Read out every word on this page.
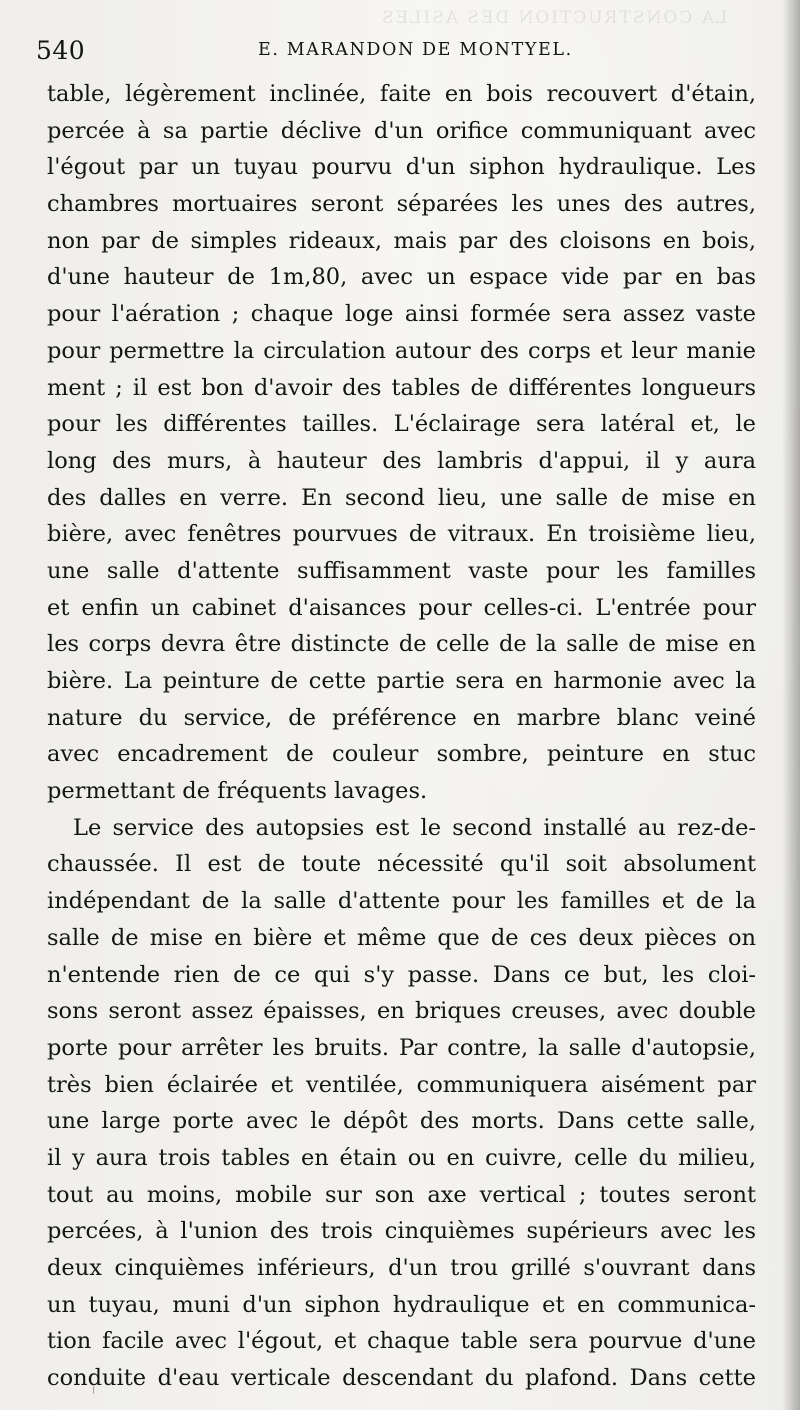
LA CONSTRUCTION DES ASILES
540	E. MARANDON DE MONTYEL.
table, légèrement inclinée, faite en bois recouvert d'étain,
percée à sa partie déclive d'un orifice communiquant avec
l'égout par un tuyau pourvu d'un siphon hydraulique. Les
chambres mortuaires seront séparées les unes des autres,
non par de simples rideaux, mais par des cloisons en bois,
d'une hauteur de 1m,80, avec un espace vide par en bas
pour l'aération ; chaque loge ainsi formée sera assez vaste
pour permettre la circulation autour des corps et leur manie
ment ; il est bon d'avoir des tables de différentes longueurs
pour les différentes tailles. L'éclairage sera latéral et, le
long des murs, à hauteur des lambris d'appui, il y aura
des dalles en verre. En second lieu, une salle de mise en
bière, avec fenêtres pourvues de vitraux. En troisième lieu,
une salle d'attente suffisamment vaste pour les familles
et enfin un cabinet d'aisances pour celles-ci. L'entrée pour
les corps devra être distincte de celle de la salle de mise en
bière. La peinture de cette partie sera en harmonie avec la
nature du service, de préférence en marbre blanc veiné
avec encadrement de couleur sombre, peinture en stuc
permettant de fréquents lavages.
Le service des autopsies est le second installé au rez-de-
chaussée. Il est de toute nécessité qu'il soit absolument
indépendant de la salle d'attente pour les familles et de la
salle de mise en bière et même que de ces deux pièces on
n'entende rien de ce qui s'y passe. Dans ce but, les cloi-
sons seront assez épaisses, en briques creuses, avec double
porte pour arrêter les bruits. Par contre, la salle d'autopsie,
très bien éclairée et ventilée, communiquera aisément par
une large porte avec le dépôt des morts. Dans cette salle,
il y aura trois tables en étain ou en cuivre, celle du milieu,
tout au moins, mobile sur son axe vertical ; toutes seront
percées, à l'union des trois cinquièmes supérieurs avec les
deux cinquièmes inférieurs, d'un trou grillé s'ouvrant dans
un tuyau, muni d'un siphon hydraulique et en communica-
tion facile avec l'égout, et chaque table sera pourvue d'une
conduite d'eau verticale descendant du plafond. Dans cette
